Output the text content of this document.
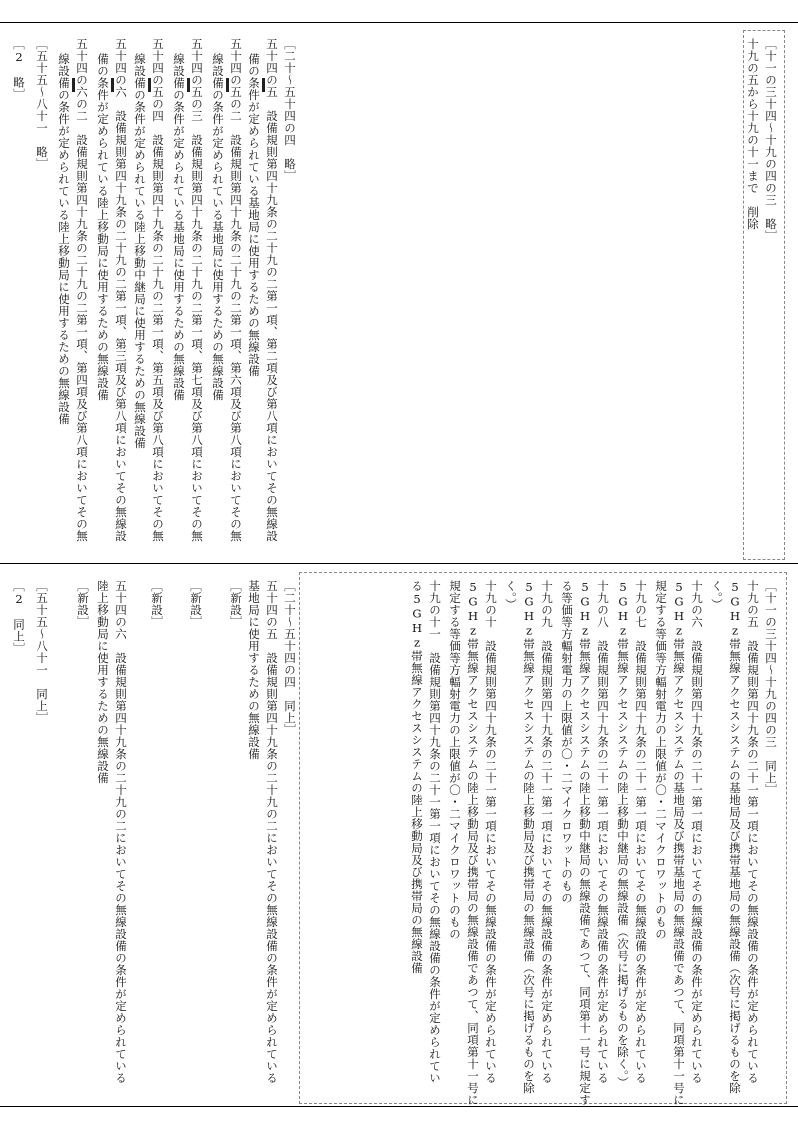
［十一の三十四～十九の四の三　略］
十九の五から十九の十一まで　削除
［二十～五十四の四　略］
五十四の五　設備規則第四十九条の二十九の二第一項、第二項及び第八項においてその無線設
備の条件が定められている基地局に使用するための無線設備
五十四の五の二　設備規則第四十九条の二十九の二第一項、第六項及び第八項においてその無
線設備の条件が定められている基地局に使用するための無線設備
五十四の五の三　設備規則第四十九条の二十九の二第一項、第七項及び第八項においてその無
線設備の条件が定められている基地局に使用するための無線設備
五十四の五の四　設備規則第四十九条の二十九の二第一項、第五項及び第八項においてその無
線設備の条件が定められている陸上移動中継局に使用するための無線設備
五十四の六　設備規則第四十九条の二十九の二第一項、第三項及び第八項においてその無線設
備の条件が定められている陸上移動局に使用するための無線設備
五十四の六の二　設備規則第四十九条の二十九の二第一項、第四項及び第八項においてその無
線設備の条件が定められている陸上移動局に使用するための無線設備
［五十五～八十一　略］
［2　略］
［十一の三十四～十九の四の三　同上］
十九の五　設備規則第四十九条の二十一第一項においてその無線設備の条件が定められている
5GHz帯無線アクセスシステムの基地局及び携帯基地局の無線設備（次号に掲げるものを除
く。）
十九の六　設備規則第四十九条の二十一第一項においてその無線設備の条件が定められている
5GHz帯無線アクセスシステムの基地局及び携帯基地局の無線設備であつて、同項第十一号に
規定する等価等方輻射電力の上限値が〇・二マイクロワットのもの
十九の七　設備規則第四十九条の二十一第一項においてその無線設備の条件が定められている
5GHz帯無線アクセスシステムの陸上移動中継局の無線設備（次号に掲げるものを除く。）
十九の八　設備規則第四十九条の二十一第一項においてその無線設備の条件が定められている
5GHz帯無線アクセスシステムの陸上移動中継局の無線設備であつて、同項第十一号に規定す
る等価等方輻射電力の上限値が〇・二マイクロワットのもの
十九の九　設備規則第四十九条の二十一第一項においてその無線設備の条件が定められている
5GHz帯無線アクセスシステムの陸上移動局及び携帯局の無線設備（次号に掲げるものを除
く。）
十九の十　設備規則第四十九条の二十一第一項においてその無線設備の条件が定められている
5GHz帯無線アクセスシステムの陸上移動局及び携帯局の無線設備であつて、同項第十一号に
規定する等価等方輻射電力の上限値が〇・二マイクロワットのもの
十九の十一　設備規則第四十九条の二十一第一項においてその無線設備の条件が定められてい
る5GHz帯無線アクセスシステムの陸上移動局及び携帯局の無線設備
［二十～五十四の四　同上］
五十四の五　設備規則第四十九条の二十九の二においてその無線設備の条件が定められている
基地局に使用するための無線設備
［新設］
［新設］
［新設］
五十四の六　設備規則第四十九条の二十九の二においてその無線設備の条件が定められている
陸上移動局に使用するための無線設備
［新設］
［五十五～八十一　同上］
［2　同上］
